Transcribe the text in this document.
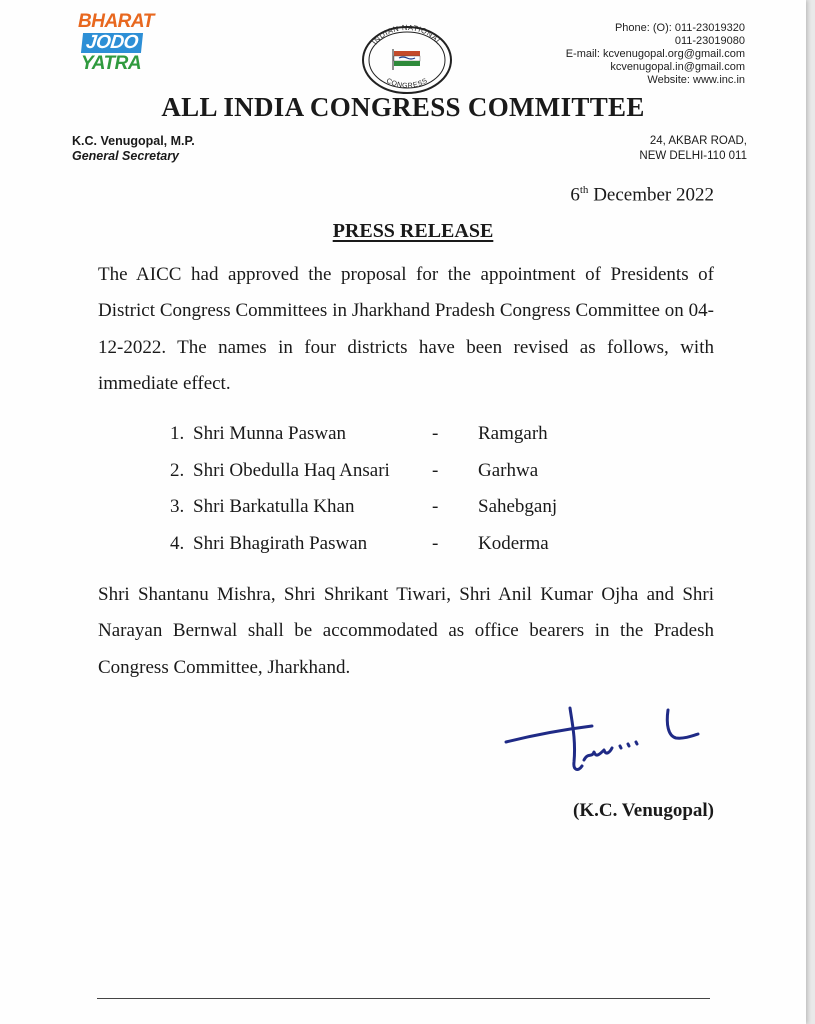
BHARAT
JODO
YATRA
INDIAN NATIONAL
CONGRESS
Phone: (O): 011-23019320
011-23019080
E-mail: kcvenugopal.org@gmail.com
kcvenugopal.in@gmail.com
Website: www.inc.in
ALL INDIA CONGRESS COMMITTEE
K.C. Venugopal, M.P.
General Secretary
24, AKBAR ROAD,
NEW DELHI-110 011
6th December 2022
PRESS RELEASE
The AICC had approved the proposal for the appointment of Presidents of District Congress Committees in Jharkhand Pradesh Congress Committee on 04-12-2022. The names in four districts have been revised as follows, with immediate effect.
1. Shri Munna Paswan	- Ramgarh
2. Shri Obedulla Haq Ansari - Garhwa
3. Shri Barkatulla Khan	- Sahebganj
4. Shri Bhagirath Paswan	- Koderma
Shri Shantanu Mishra, Shri Shrikant Tiwari, Shri Anil Kumar Ojha and Shri Narayan Bernwal shall be accommodated as office bearers in the Pradesh Congress Committee, Jharkhand.
(K.C. Venugopal)
